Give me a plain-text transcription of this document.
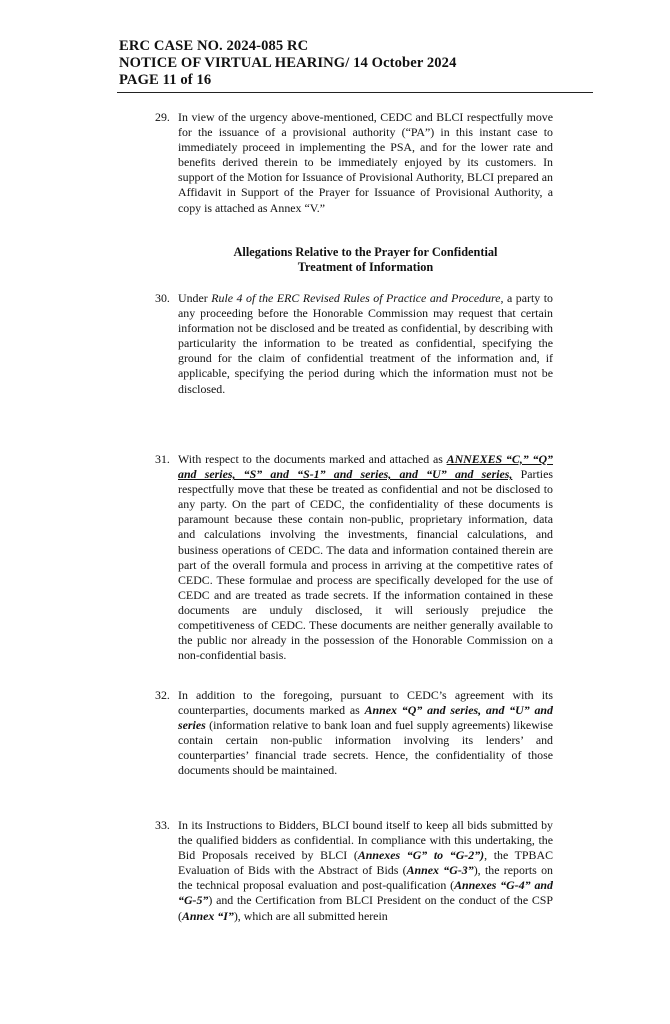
ERC CASE NO. 2024-085 RC
NOTICE OF VIRTUAL HEARING/ 14 October 2024
PAGE 11 of 16
29. In view of the urgency above-mentioned, CEDC and BLCI respectfully move for the issuance of a provisional authority (“PA”) in this instant case to immediately proceed in implementing the PSA, and for the lower rate and benefits derived therein to be immediately enjoyed by its customers. In support of the Motion for Issuance of Provisional Authority, BLCI prepared an Affidavit in Support of the Prayer for Issuance of Provisional Authority, a copy is attached as Annex “V.”
Allegations Relative to the Prayer for Confidential
Treatment of Information
30. Under Rule 4 of the ERC Revised Rules of Practice and Procedure, a party to any proceeding before the Honorable Commission may request that certain information not be disclosed and be treated as confidential, by describing with particularity the information to be treated as confidential, specifying the ground for the claim of confidential treatment of the information and, if applicable, specifying the period during which the information must not be disclosed.
31. With respect to the documents marked and attached as ANNEXES “C,” “Q” and series, “S” and “S-1” and series, and “U” and series, Parties respectfully move that these be treated as confidential and not be disclosed to any party. On the part of CEDC, the confidentiality of these documents is paramount because these contain non-public, proprietary information, data and calculations involving the investments, financial calculations, and business operations of CEDC. The data and information contained therein are part of the overall formula and process in arriving at the competitive rates of CEDC. These formulae and process are specifically developed for the use of CEDC and are treated as trade secrets. If the information contained in these documents are unduly disclosed, it will seriously prejudice the competitiveness of CEDC. These documents are neither generally available to the public nor already in the possession of the Honorable Commission on a non-confidential basis.
32. In addition to the foregoing, pursuant to CEDC’s agreement with its counterparties, documents marked as Annex “Q” and series, and “U” and series (information relative to bank loan and fuel supply agreements) likewise contain certain non-public information involving its lenders’ and counterparties’ financial trade secrets. Hence, the confidentiality of those documents should be maintained.
33. In its Instructions to Bidders, BLCI bound itself to keep all bids submitted by the qualified bidders as confidential. In compliance with this undertaking, the Bid Proposals received by BLCI (Annexes “G” to “G-2”), the TPBAC Evaluation of Bids with the Abstract of Bids (Annex “G-3”), the reports on the technical proposal evaluation and post-qualification (Annexes “G-4” and “G-5”) and the Certification from BLCI President on the conduct of the CSP (Annex “I”), which are all submitted herein
